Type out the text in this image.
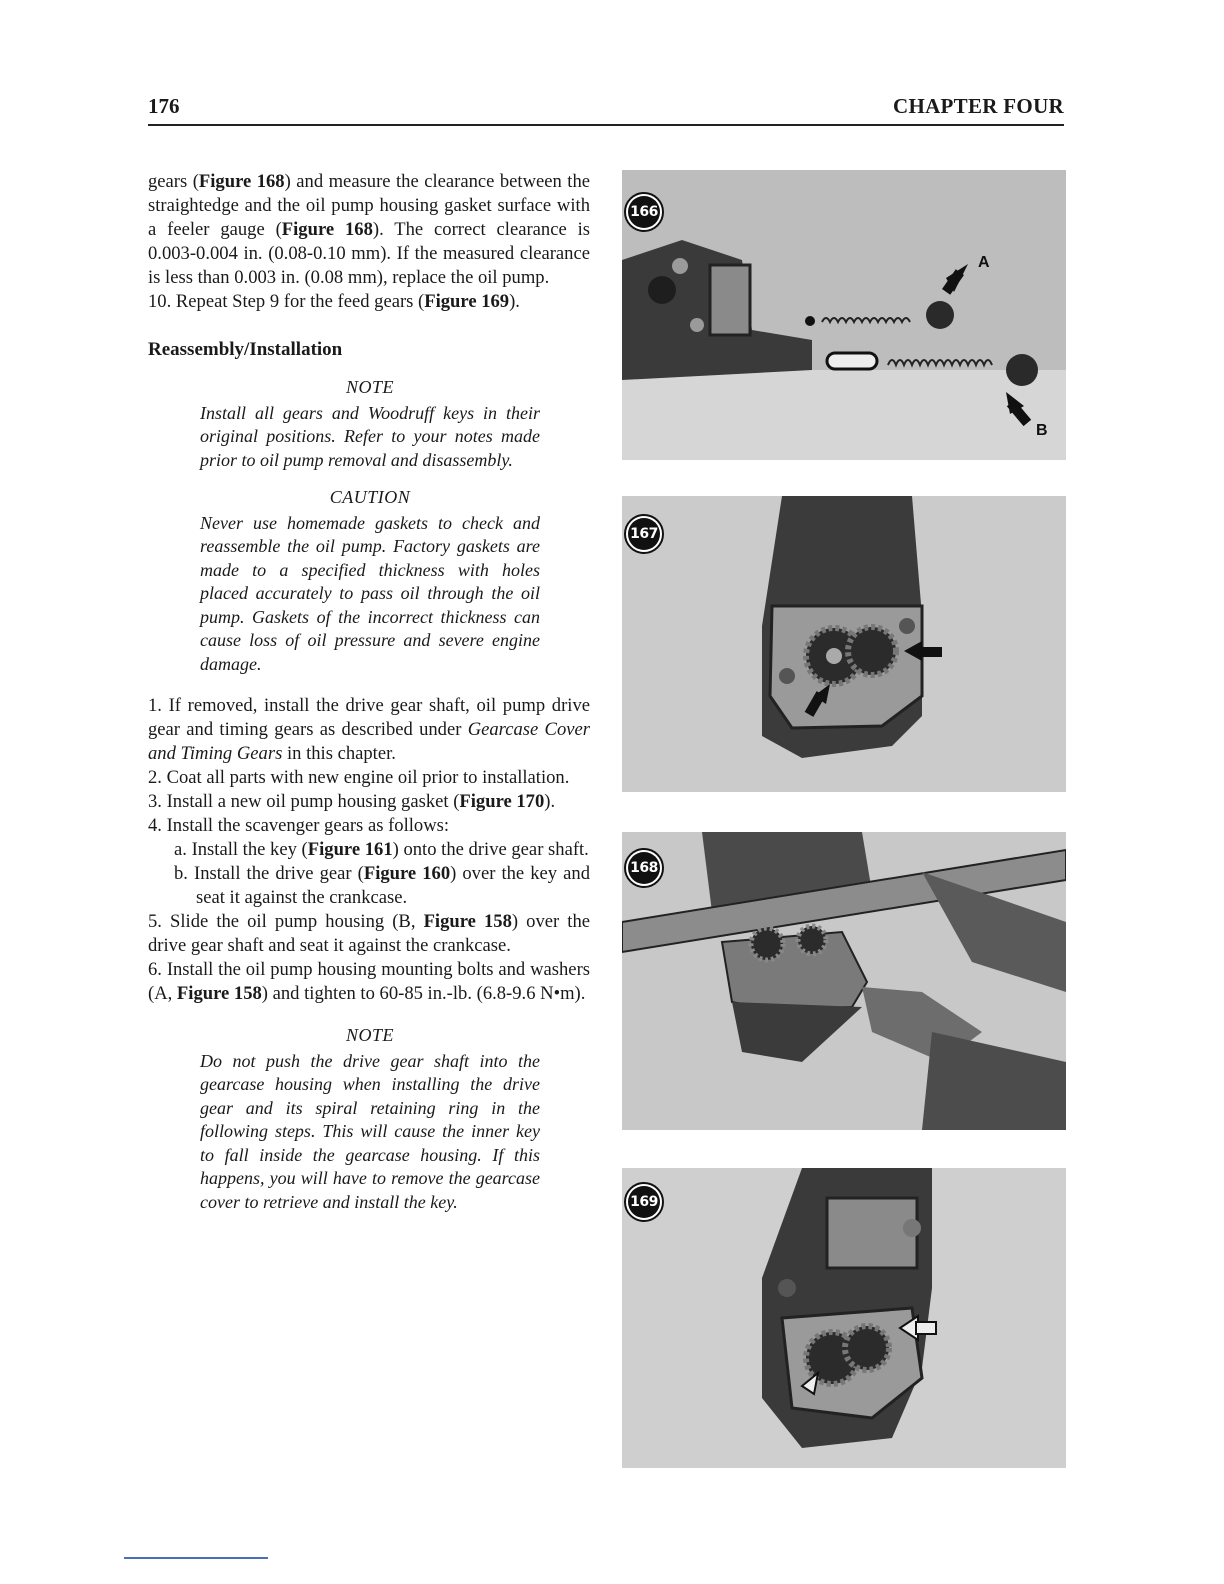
176	CHAPTER FOUR

gears (Figure 168) and measure the clearance between the straightedge and the oil pump housing gasket surface with a feeler gauge (Figure 168). The correct clearance is 0.003-0.004 in. (0.08-0.10 mm). If the measured clearance is less than 0.003 in. (0.08 mm), replace the oil pump.

10. Repeat Step 9 for the feed gears (Figure 169).

Reassembly/Installation

NOTE
Install all gears and Woodruff keys in their original positions. Refer to your notes made prior to oil pump removal and disassembly.
CAUTION
Never use homemade gaskets to check and reassemble the oil pump. Factory gaskets are made to a specified thickness with holes placed accurately to pass oil through the oil pump. Gaskets of the incorrect thickness can cause loss of oil pressure and severe engine damage.

1. If removed, install the drive gear shaft, oil pump drive gear and timing gears as described under Gearcase Cover and Timing Gears in this chapter.

2. Coat all parts with new engine oil prior to installation.

3. Install a new oil pump housing gasket (Figure 170).

4. Install the scavenger gears as follows:

a. Install the key (Figure 161) onto the drive gear shaft.

b. Install the drive gear (Figure 160) over the key and seat it against the crankcase.

5. Slide the oil pump housing (B, Figure 158) over the drive gear shaft and seat it against the crankcase.

6. Install the oil pump housing mounting bolts and washers (A, Figure 158) and tighten to 60-85 in.-lb. (6.8-9.6 N•m).

NOTE
Do not push the drive gear shaft into the gearcase housing when installing the drive gear and its spiral retaining ring in the following steps. This will cause the inner key to fall inside the gearcase housing. If this happens, you will have to remove the gearcase cover to retrieve and install the key.
166
A
B
167
168
169
